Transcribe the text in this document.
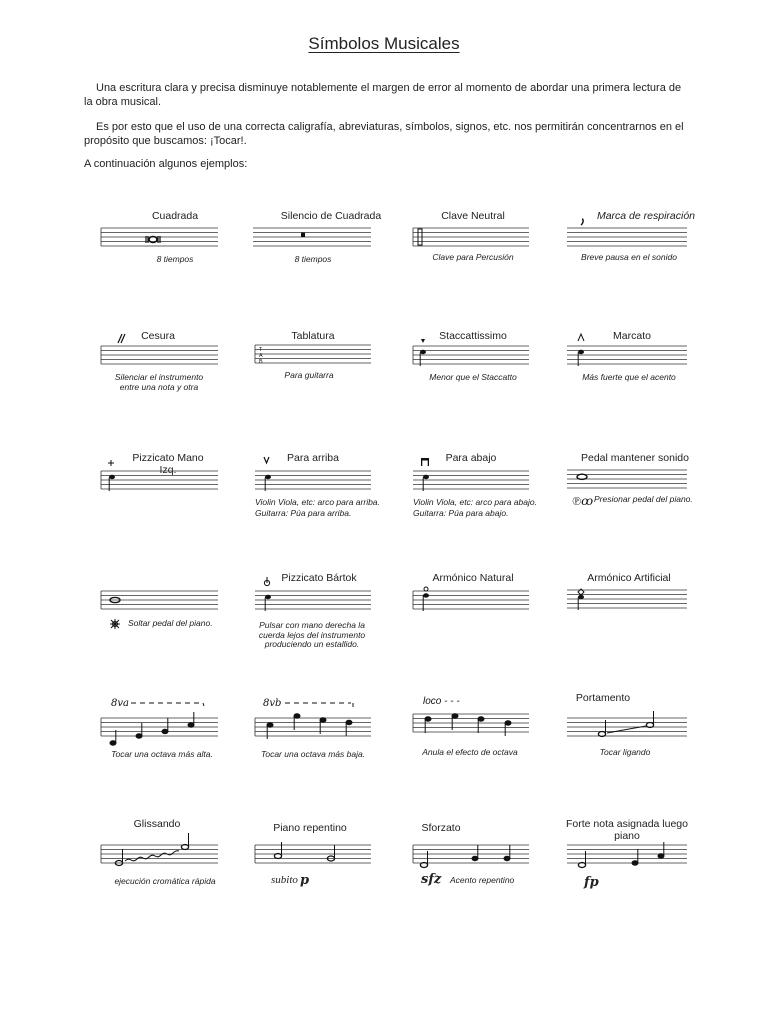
Símbolos Musicales
Una escritura clara y precisa disminuye notablemente el margen de error al momento de abordar una primera lectura de la obra musical.
Es por esto que el uso de una correcta caligrafía, abreviaturas, símbolos, signos, etc. nos permitirán concentrarnos en el propósito que buscamos: ¡Tocar!.
A continuación algunos ejemplos:
Cuadrada
8 tiempos
Silencio de Cuadrada
8 tiempos
Clave Neutral
Clave para Percusión
Marca de respiración
Breve pausa en el sonido
Cesura
Silenciar el instrumento
entre una nota y otra
Tablatura
T
A
B
Para guitarra
Staccattissimo
Menor que el Staccatto
Marcato
Más fuerte que el acento
Pizzicato Mano Izq.
Para arriba
Violin Viola, etc: arco para arriba.
Guitarra: Púa para arriba.
Para abajo
Violin Viola, etc: arco para abajo.
Guitarra: Púa para abajo.
Pedal mantener sonido
℗ꝏ Presionar pedal del piano.
Soltar pedal del piano.
Pizzicato Bártok
Pulsar con mano derecha la
cuerda lejos del instrumento
produciendo un estallido.
Armónico Natural	Armónico Artificial
8va
Tocar una octava más alta.
8vb
Tocar una octava más baja.
loco - - -
Anula el efecto de octava
Portamento
Tocar ligando
Glissando
ejecución cromática rápida
Piano repentino
subito p
Sforzato
sfz Acento repentino
Forte nota asignada luego piano
fp
